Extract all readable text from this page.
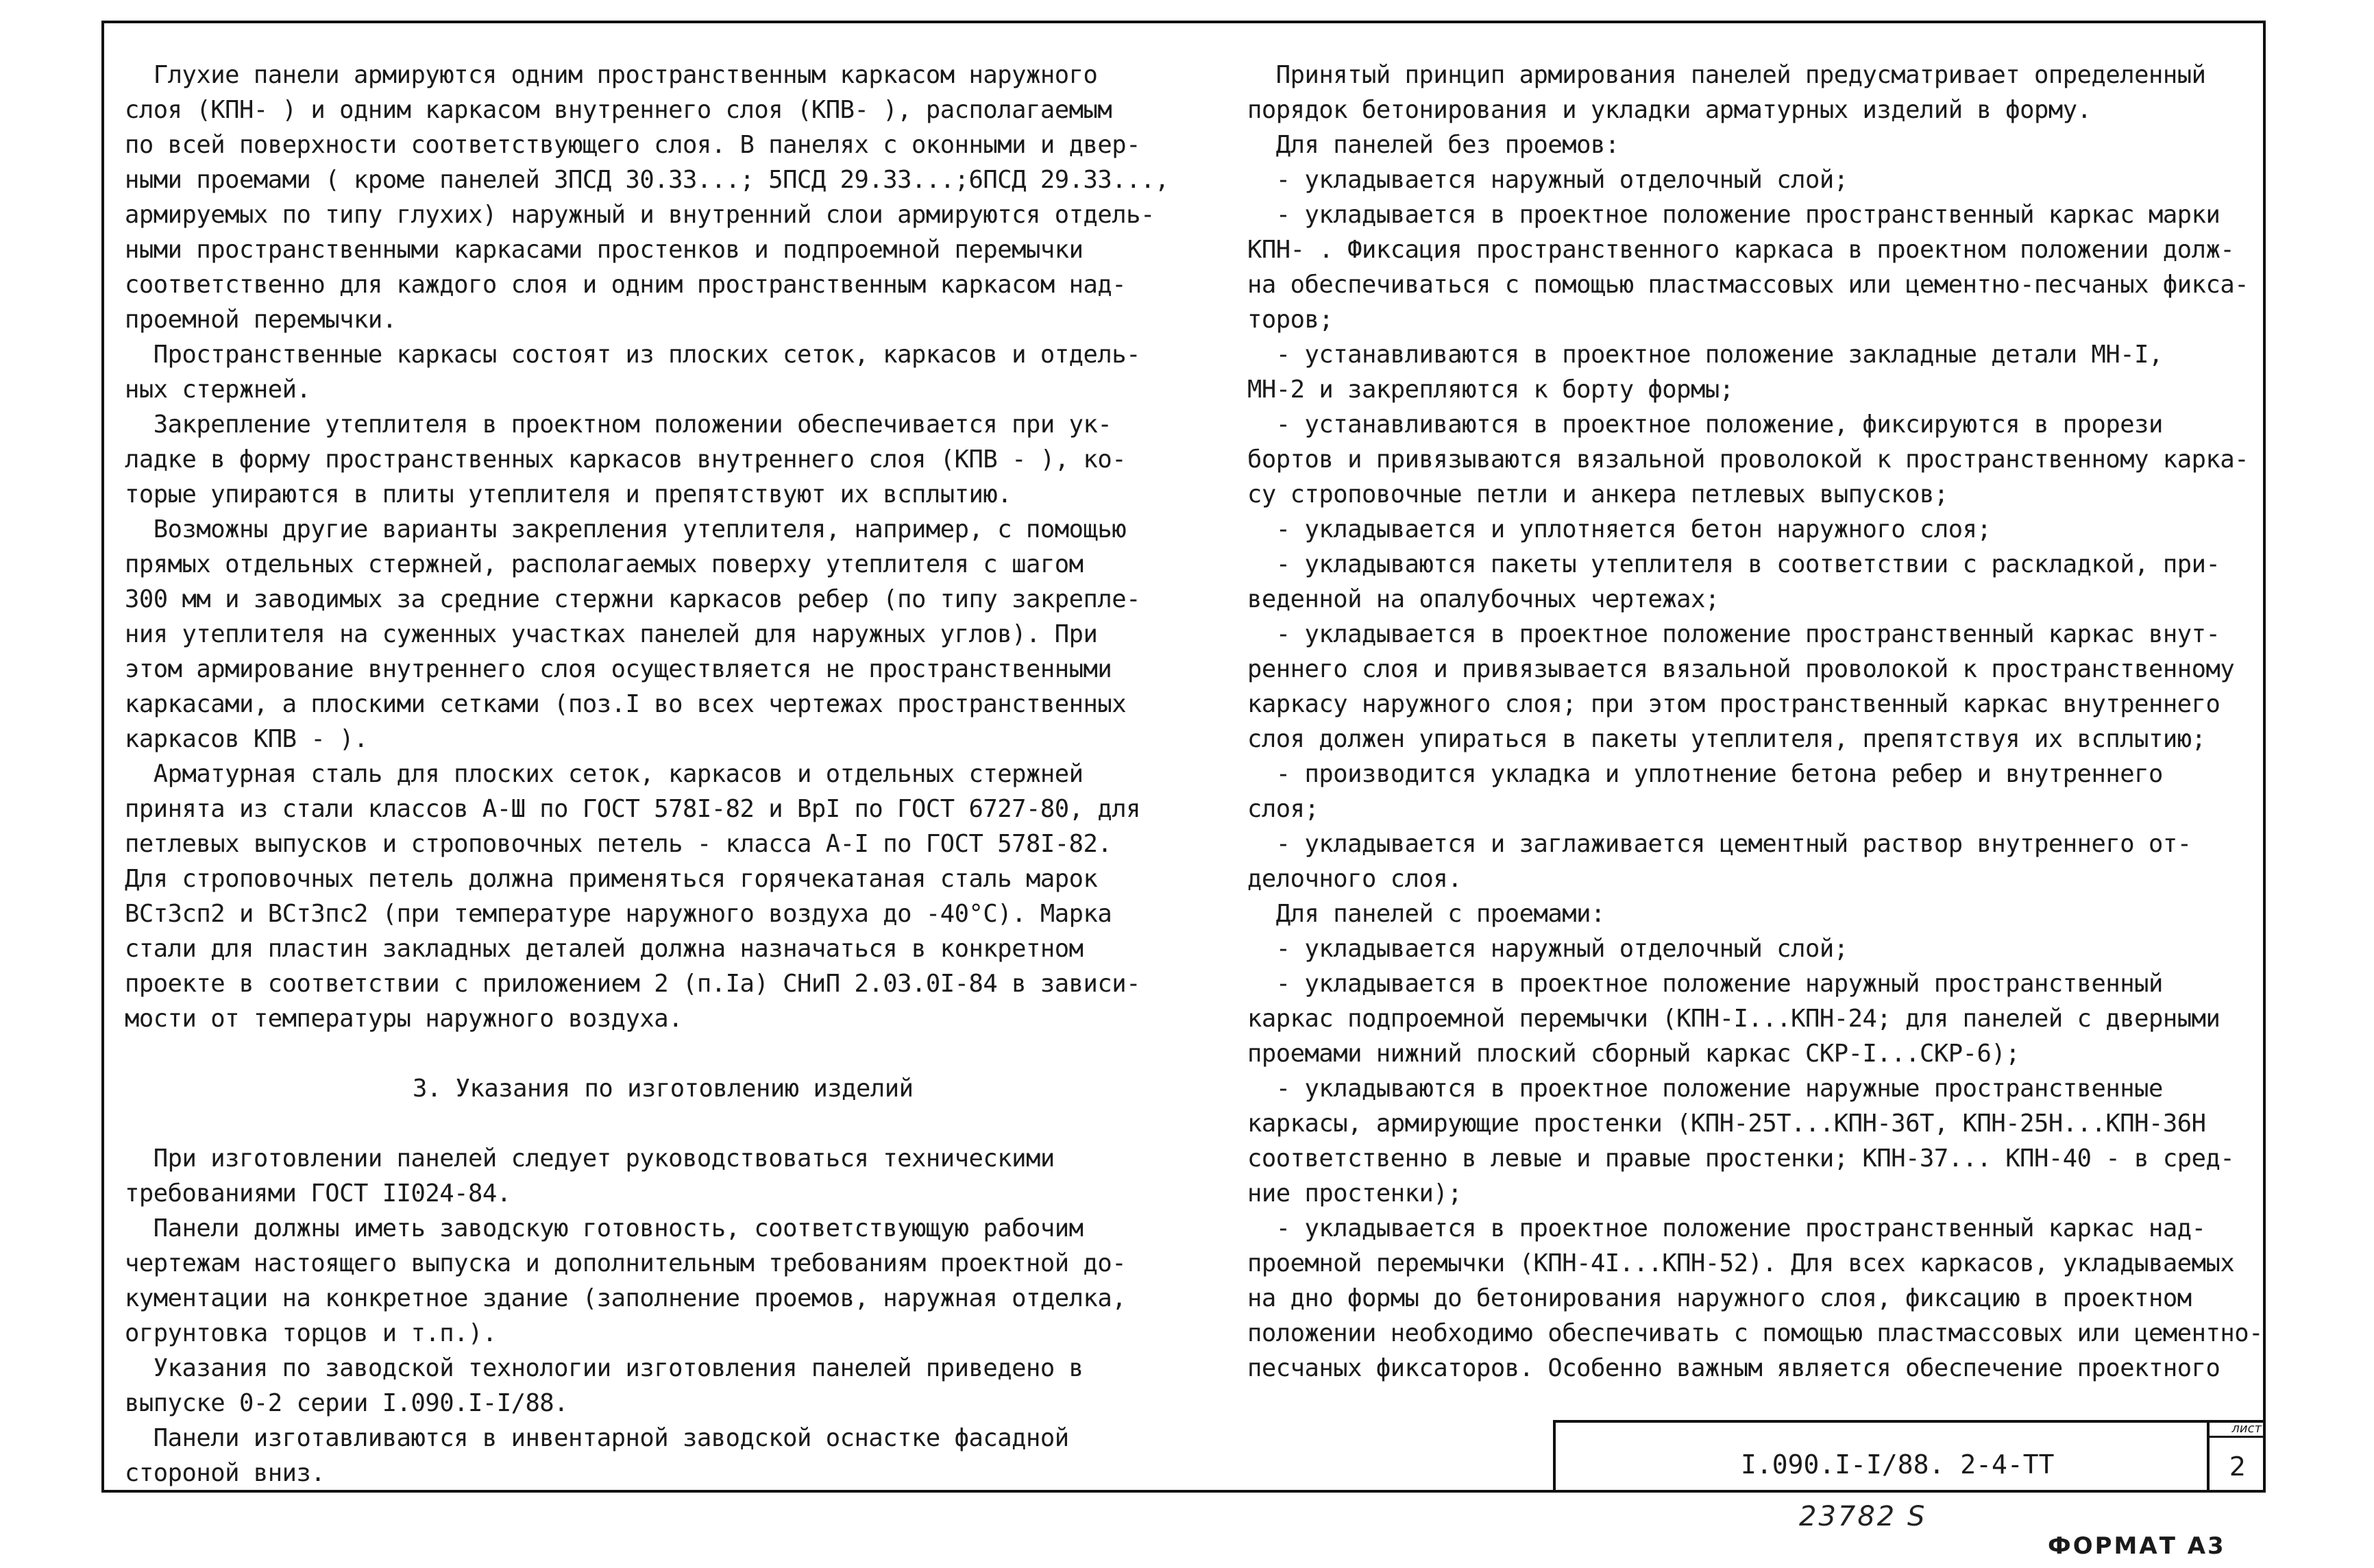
  Глухие панели армируются одним пространственным каркасом наружного

слоя (КПН- ) и одним каркасом внутреннего слоя (КПВ- ), располагаемым

по всей поверхности соответствующего слоя. В панелях с оконными и двер-

ными проемами ( кроме панелей ЗПСД 30.33...; 5ПСД 29.33...;6ПСД 29.33...,

армируемых по типу глухих) наружный и внутренний слои армируются отдель-

ными пространственными каркасами простенков и подпроемной перемычки

соответственно для каждого слоя и одним пространственным каркасом над-

проемной перемычки.

  Пространственные каркасы состоят из плоских сеток, каркасов и отдель-

ных стержней.

  Закрепление утеплителя в проектном положении обеспечивается при ук-

ладке в форму пространственных каркасов внутреннего слоя (КПВ - ), ко-

торые упираются в плиты утеплителя и препятствуют их всплытию.

  Возможны другие варианты закрепления утеплителя, например, с помощью

прямых отдельных стержней, располагаемых поверху утеплителя с шагом

300 мм и заводимых за средние стержни каркасов ребер (по типу закрепле-

ния утеплителя на суженных участках панелей для наружных углов). При

этом армирование внутреннего слоя осуществляется не пространственными

каркасами, а плоскими сетками (поз.I во всех чертежах пространственных

каркасов КПВ - ).

  Арматурная сталь для плоских сеток, каркасов и отдельных стержней

принята из стали классов А-Ш по ГОСТ 578I-82 и ВрI по ГОСТ 6727-80, для

петлевых выпусков и строповочных петель - класса А-I по ГОСТ 578I-82.

Для строповочных петель должна применяться горячекатаная сталь марок

ВСт3сп2 и ВСт3пс2 (при температуре наружного воздуха до -40°С). Марка

стали для пластин закладных деталей должна назначаться в конкретном

проекте в соответствии с приложением 2 (п.Iа) СНиП 2.03.0I-84 в зависи-

мости от температуры наружного воздуха.

3. Указания по изготовлению изделий

  При изготовлении панелей следует руководствоваться техническими

требованиями ГОСТ II024-84.

  Панели должны иметь заводскую готовность, соответствующую рабочим

чертежам настоящего выпуска и дополнительным требованиям проектной до-

кументации на конкретное здание (заполнение проемов, наружная отделка,

огрунтовка торцов и т.п.).

  Указания по заводской технологии изготовления панелей приведено в

выпуске 0-2 серии I.090.I-I/88.

  Панели изготавливаются в инвентарной заводской оснастке фасадной

стороной вниз.

  Принятый принцип армирования панелей предусматривает определенный

порядок бетонирования и укладки арматурных изделий в форму.

  Для панелей без проемов:

  - укладывается наружный отделочный слой;

  - укладывается в проектное положение пространственный каркас марки

КПН- . Фиксация пространственного каркаса в проектном положении долж-

на обеспечиваться с помощью пластмассовых или цементно-песчаных фикса-

торов;

  - устанавливаются в проектное положение закладные детали МН-I,

МН-2 и закрепляются к борту формы;

  - устанавливаются в проектное положение, фиксируются в прорези

бортов и привязываются вязальной проволокой к пространственному карка-

су строповочные петли и анкера петлевых выпусков;

  - укладывается и уплотняется бетон наружного слоя;

  - укладываются пакеты утеплителя в соответствии с раскладкой, при-

веденной на опалубочных чертежах;

  - укладывается в проектное положение пространственный каркас внут-

реннего слоя и привязывается вязальной проволокой к пространственному

каркасу наружного слоя; при этом пространственный каркас внутреннего

слоя должен упираться в пакеты утеплителя, препятствуя их всплытию;

  - производится укладка и уплотнение бетона ребер и внутреннего

слоя;

  - укладывается и заглаживается цементный раствор внутреннего от-

делочного слоя.

  Для панелей с проемами:

  - укладывается наружный отделочный слой;

  - укладывается в проектное положение наружный пространственный

каркас подпроемной перемычки (КПН-I...КПН-24; для панелей с дверными

проемами нижний плоский сборный каркас СКР-I...СКР-6);

  - укладываются в проектное положение наружные пространственные

каркасы, армирующие простенки (КПН-25Т...КПН-36Т, КПН-25Н...КПН-36Н

соответственно в левые и правые простенки; КПН-37... КПН-40 - в сред-

ние простенки);

  - укладывается в проектное положение пространственный каркас над-

проемной перемычки (КПН-4I...КПН-52). Для всех каркасов, укладываемых

на дно формы до бетонирования наружного слоя, фиксацию в проектном

положении необходимо обеспечивать с помощью пластмассовых или цементно-

песчаных фиксаторов. Особенно важным является обеспечение проектного

I.090.I-I/88. 2-4-ТТ
лист
2
23782 S
ФОРМАТ А3
